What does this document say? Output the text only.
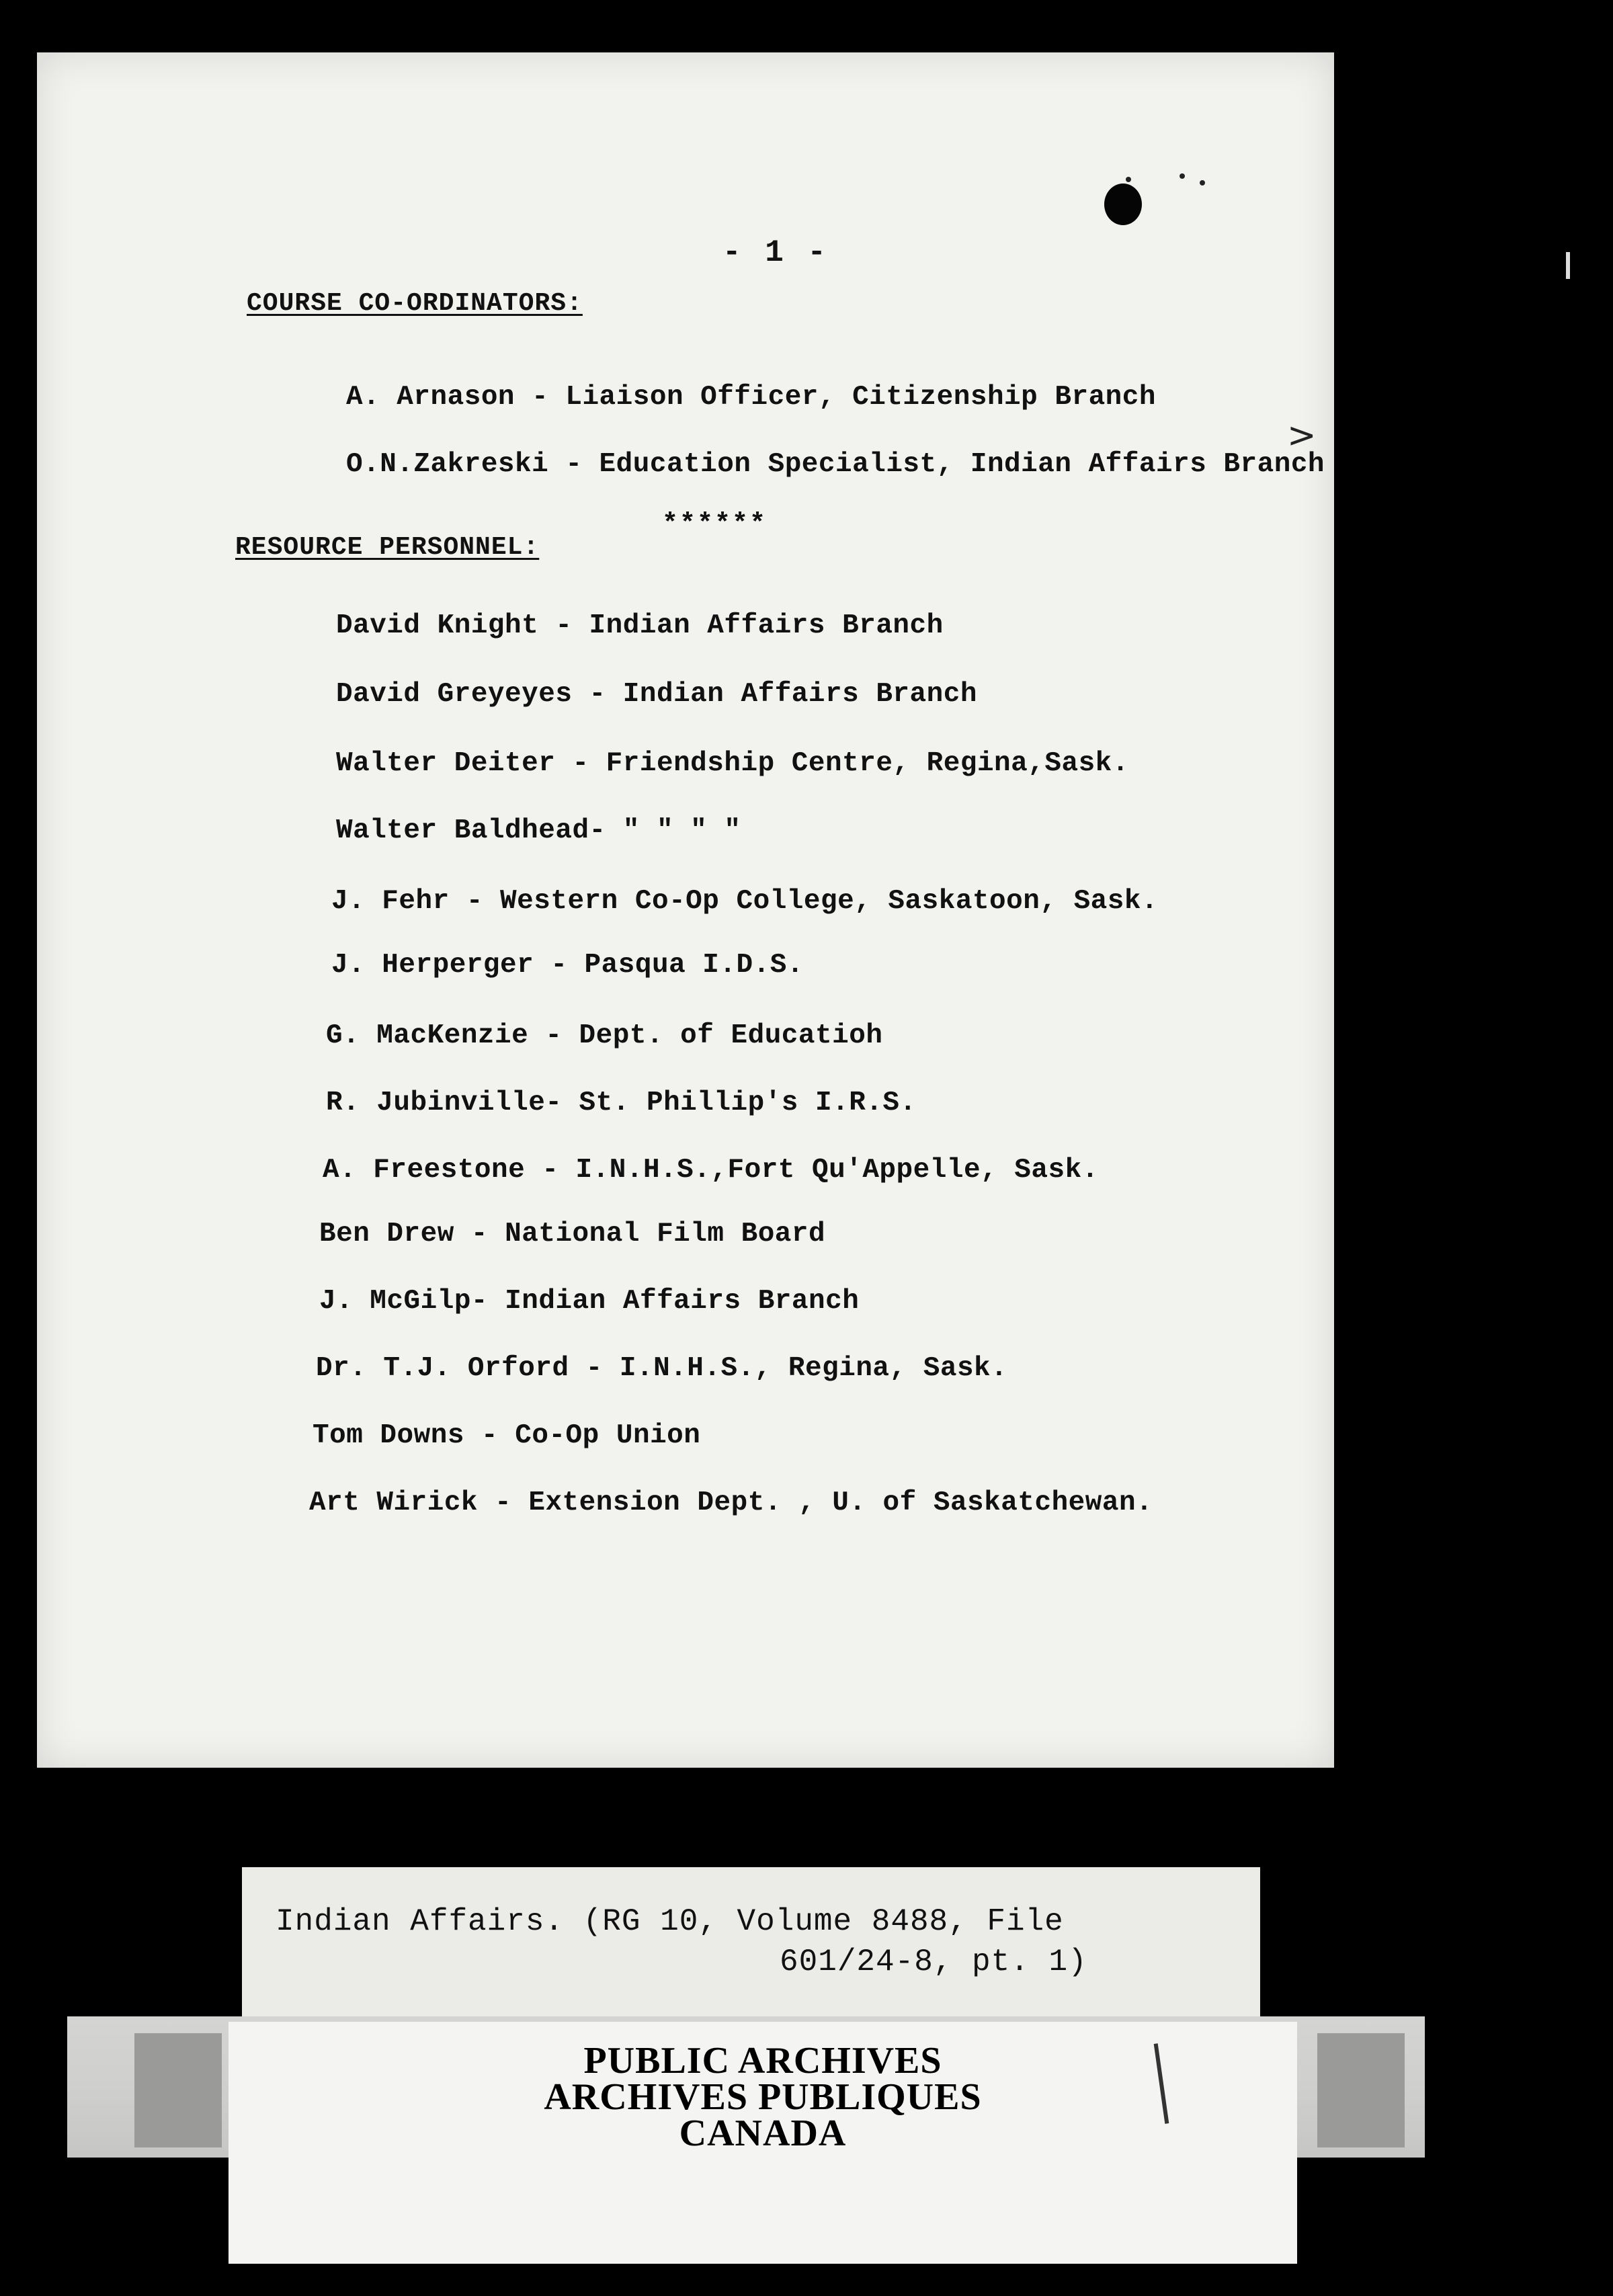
- 1 -
COURSE CO-ORDINATORS:
A. Arnason - Liaison Officer, Citizenship Branch
O.N.Zakreski - Education Specialist, Indian Affairs Branch
>
******
RESOURCE PERSONNEL:
David Knight - Indian Affairs Branch
David Greyeyes - Indian Affairs Branch
Walter Deiter - Friendship Centre, Regina,Sask.
Walter Baldhead- " " " "
J. Fehr - Western Co-Op College, Saskatoon, Sask.
J. Herperger - Pasqua I.D.S.
G. MacKenzie - Dept. of Educatioh
R. Jubinville- St. Phillip's I.R.S.
A. Freestone - I.N.H.S.,Fort Qu'Appelle, Sask.
Ben Drew - National Film Board
J. McGilp- Indian Affairs Branch
Dr. T.J. Orford - I.N.H.S., Regina, Sask.
Tom Downs - Co-Op Union
Art Wirick - Extension Dept. , U. of Saskatchewan.
Indian Affairs. (RG 10, Volume 8488, File
601/24-8, pt. 1)
PUBLIC ARCHIVES
ARCHIVES PUBLIQUES
CANADA
